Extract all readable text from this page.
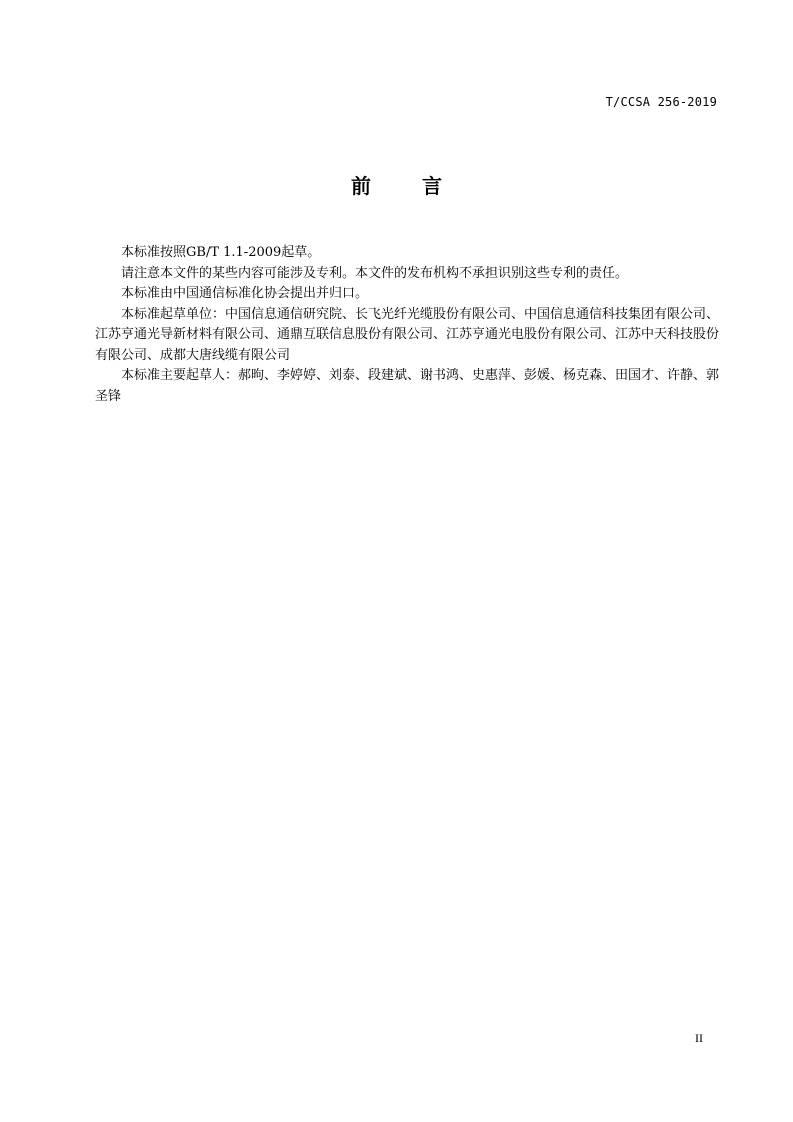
T/CCSA 256-2019
前 言

本标准按照GB/T 1.1-2009起草。

请注意本文件的某些内容可能涉及专利。本文件的发布机构不承担识别这些专利的责任。

本标准由中国通信标准化协会提出并归口。

本标准起草单位：中国信息通信研究院、长飞光纤光缆股份有限公司、中国信息通信科技集团有限公司、江苏亨通光导新材料有限公司、通鼎互联信息股份有限公司、江苏亨通光电股份有限公司、江苏中天科技股份有限公司、成都大唐线缆有限公司

本标准主要起草人：郝昫、李婷婷、刘泰、段建斌、谢书鸿、史惠萍、彭媛、杨克森、田国才、许静、郭圣锋

II
